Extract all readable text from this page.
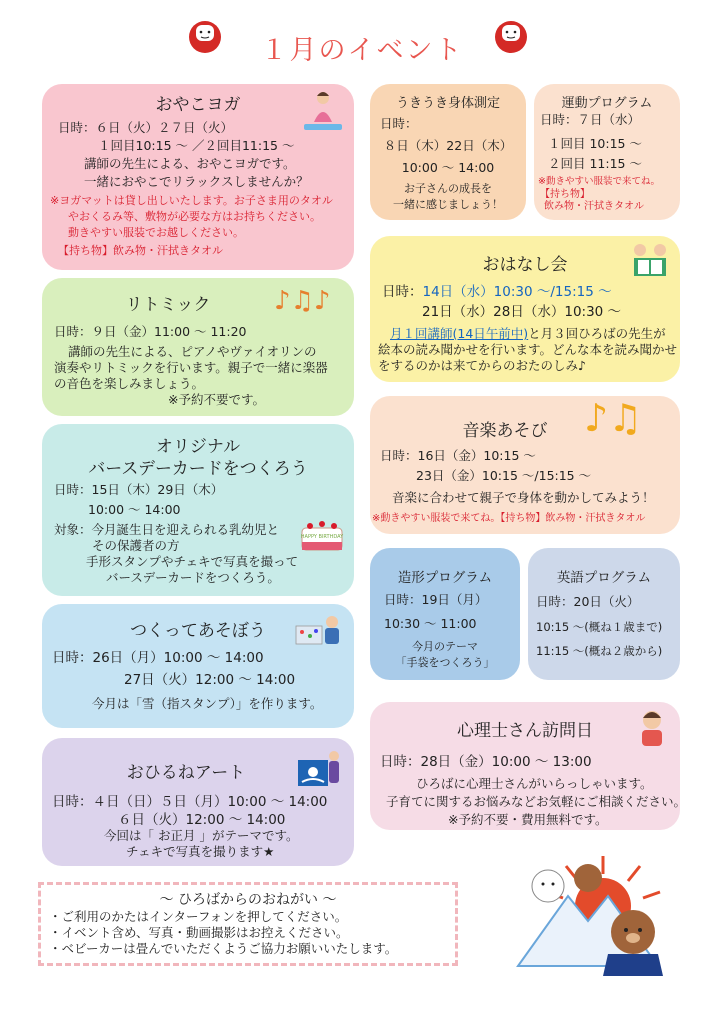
１月のイベント
おやこヨガ
日時：６日（火）２７日（火）
１回目10:15 ～ ／２回目11:15 ～
講師の先生による、おやこヨガです。
一緒におやこでリラックスしませんか？
※ヨガマットは貸し出しいたします。お子さま用のタオル
やおくるみ等、敷物が必要な方はお持ちください。
動きやすい服装でお越しください。
【持ち物】飲み物・汗拭きタオル
リトミック	♪♫♪
日時：９日（金）11:00 ～ 11:20
講師の先生による、ピアノやヴァイオリンの
演奏やリトミックを行います。親子で一緒に楽器
の音色を楽しみましょう。
※予約不要です。
オリジナル
バースデーカードをつくろう
日時：15日（木）29日（木）
10:00 ～ 14:00
対象：今月誕生日を迎えられる乳幼児と
その保護者の方
手形スタンプやチェキで写真を撮って
バースデーカードをつくろう。
HAPPY BIRTHDAY
つくってあそぼう
日時：26日（月）10:00 ～ 14:00
27日（火）12:00 ～ 14:00
今月は「雪（指スタンプ）」を作ります。
おひるねアート
日時：４日（日）５日（月）10:00 ～ 14:00
６日（火）12:00 ～ 14:00
今回は「 お正月 」がテーマです。
チェキで写真を撮ります★
うきうき身体測定
日時：
８日（木）22日（木）
10:00 ～ 14:00
お子さんの成長を
一緒に感じましょう！
運動プログラム
日時：７日（水）
１回目 10:15 ～
２回目 11:15 ～
※動きやすい服装で来てね。
【持ち物】
飲み物・汗拭きタオル
おはなし会
日時：14日（水）10:30 ～/15:15 ～
21日（水）28日（水）10:30 ～
月１回講師(14日午前中)と月３回ひろばの先生が
絵本の読み聞かせを行います。どんな本を読み聞かせ
をするのかは来てからのおたのしみ♪
音楽あそび ♪♫
日時：16日（金）10:15 ～
23日（金）10:15 ～/15:15 ～
音楽に合わせて親子で身体を動かしてみよう！
※動きやすい服装で来てね。【持ち物】飲み物・汗拭きタオル
造形プログラム
日時：19日（月）
10:30 ～ 11:00
今月のテーマ
「手袋をつくろう」
英語プログラム
日時：20日（火）
10:15 ～(概ね１歳まで)
11:15 ～(概ね２歳から)
心理士さん訪問日
日時：28日（金）10:00 ～ 13:00
ひろばに心理士さんがいらっしゃいます。
子育てに関するお悩みなどお気軽にご相談ください。
※予約不要・費用無料です。
～ ひろばからのおねがい ～
・ご利用のかたはインターフォンを押してください。
・イベント含め、写真・動画撮影はお控えください。
・ベビーカーは畳んでいただくようご協力お願いいたします。
